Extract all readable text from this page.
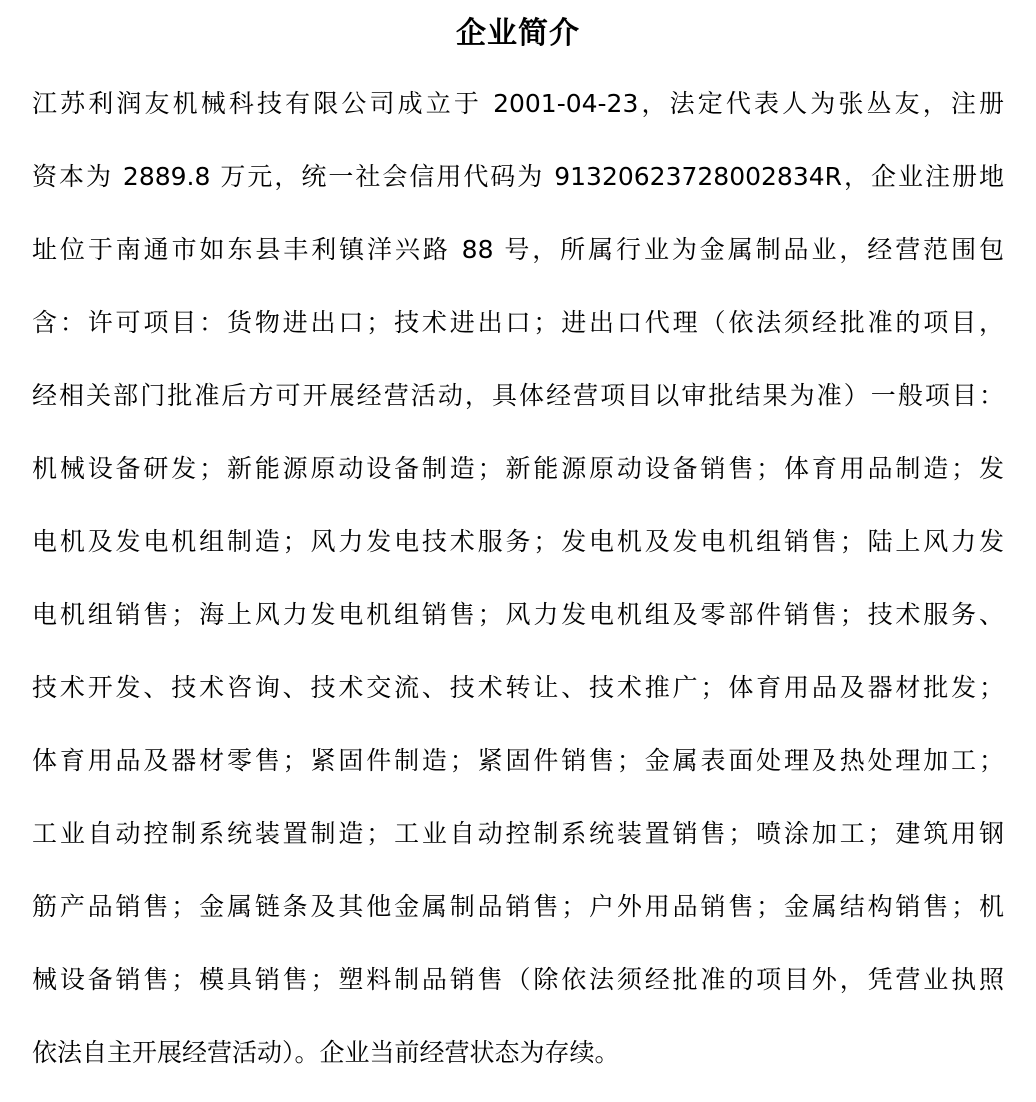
企业简介
江苏利润友机械科技有限公司成立于 2001-04-23，法定代表人为张丛友，注册
资本为 2889.8 万元，统一社会信用代码为 91320623728002834R，企业注册地
址位于南通市如东县丰利镇洋兴路 88 号，所属行业为金属制品业，经营范围包
含：许可项目：货物进出口；技术进出口；进出口代理（依法须经批准的项目，
经相关部门批准后方可开展经营活动，具体经营项目以审批结果为准）一般项目：
机械设备研发；新能源原动设备制造；新能源原动设备销售；体育用品制造；发
电机及发电机组制造；风力发电技术服务；发电机及发电机组销售；陆上风力发
电机组销售；海上风力发电机组销售；风力发电机组及零部件销售；技术服务、
技术开发、技术咨询、技术交流、技术转让、技术推广；体育用品及器材批发；
体育用品及器材零售；紧固件制造；紧固件销售；金属表面处理及热处理加工；
工业自动控制系统装置制造；工业自动控制系统装置销售；喷涂加工；建筑用钢
筋产品销售；金属链条及其他金属制品销售；户外用品销售；金属结构销售；机
械设备销售；模具销售；塑料制品销售（除依法须经批准的项目外，凭营业执照
依法自主开展经营活动）。企业当前经营状态为存续。
